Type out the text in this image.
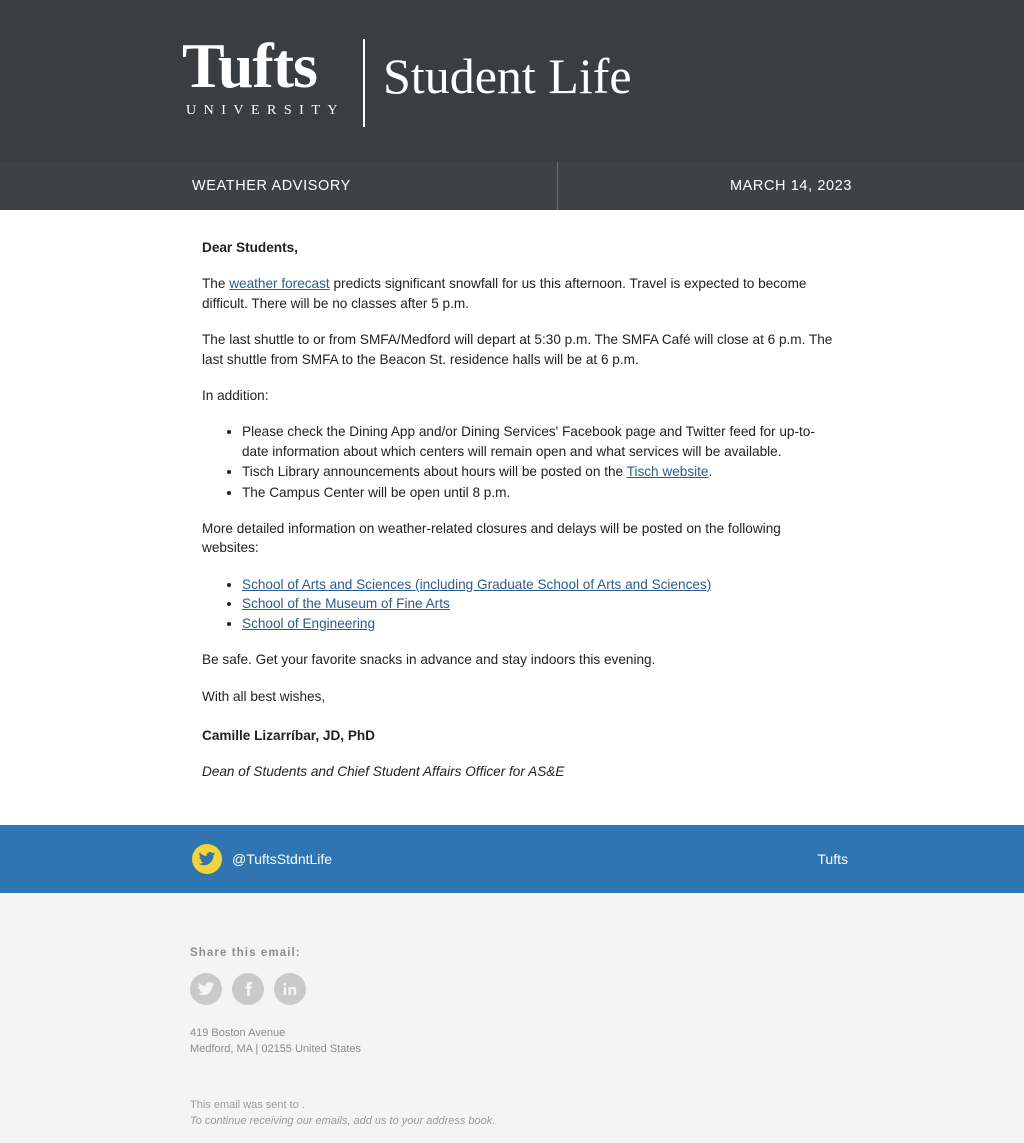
Tufts
UNIVERSITY
Student Life
WEATHER ADVISORY	MARCH 14, 2023

Dear Students,

The weather forecast predicts significant snowfall for us this afternoon. Travel is expected to become difficult. There will be no classes after 5 p.m.

The last shuttle to or from SMFA/Medford will depart at 5:30 p.m. The SMFA Café will close at 6 p.m. The last shuttle from SMFA to the Beacon St. residence halls will be at 6 p.m.

In addition:

• Please check the Dining App and/or Dining Services' Facebook page and Twitter feed for up-to-date information about which centers will remain open and what services will be available.
• Tisch Library announcements about hours will be posted on the Tisch website.
• The Campus Center will be open until 8 p.m.

More detailed information on weather-related closures and delays will be posted on the following websites:

• School of Arts and Sciences (including Graduate School of Arts and Sciences)
• School of the Museum of Fine Arts
• School of Engineering

Be safe. Get your favorite snacks in advance and stay indoors this evening.

With all best wishes,

Camille Lizarríbar, JD, PhD

Dean of Students and Chief Student Affairs Officer for AS&E

@TuftsStdntLife	Tufts
Share this email:
419 Boston Avenue
Medford, MA | 02155 United States
This email was sent to .
To continue receiving our emails, add us to your address book.
